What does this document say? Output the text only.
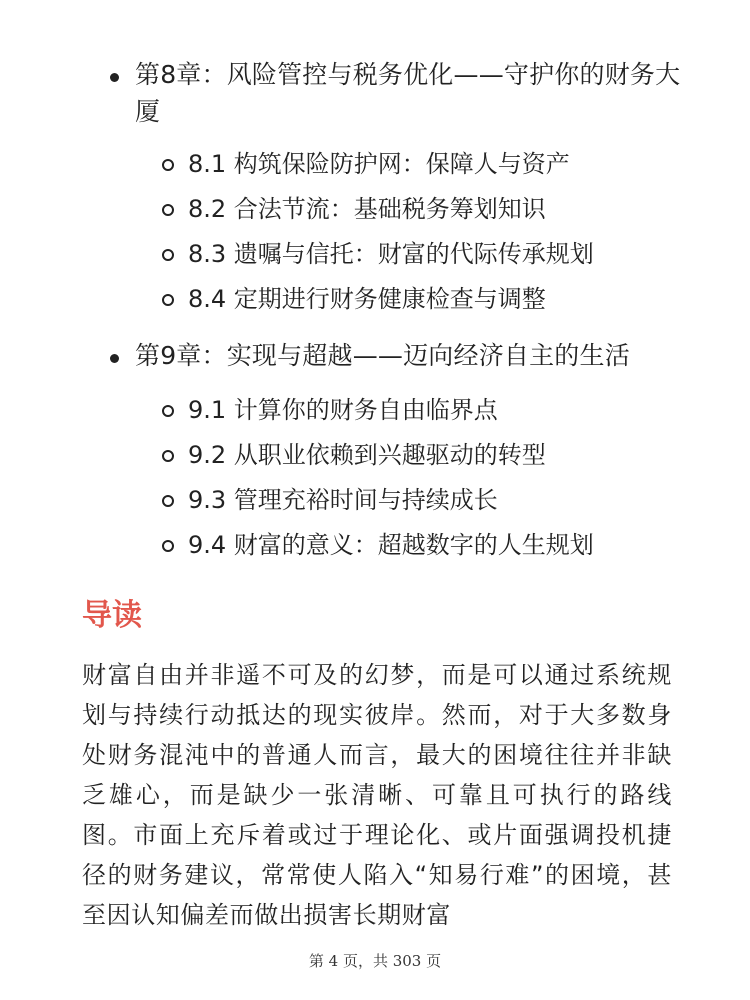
第8章：风险管控与税务优化——守护你的财务大厦
8.1 构筑保险防护网：保障人与资产
8.2 合法节流：基础税务筹划知识
8.3 遗嘱与信托：财富的代际传承规划
8.4 定期进行财务健康检查与调整
第9章：实现与超越——迈向经济自主的生活
9.1 计算你的财务自由临界点
9.2 从职业依赖到兴趣驱动的转型
9.3 管理充裕时间与持续成长
9.4 财富的意义：超越数字的人生规划
导读

财富自由并非遥不可及的幻梦，而是可以通过系统规划与持续行动抵达的现实彼岸。然而，对于大多数身处财务混沌中的普通人而言，最大的困境往往并非缺乏雄心，而是缺少一张清晰、可靠且可执行的路线图。市面上充斥着或过于理论化、或片面强调投机捷径的财务建议，常常使人陷入“知易行难”的困境，甚至因认知偏差而做出损害长期财富

第 4 页，共 303 页
